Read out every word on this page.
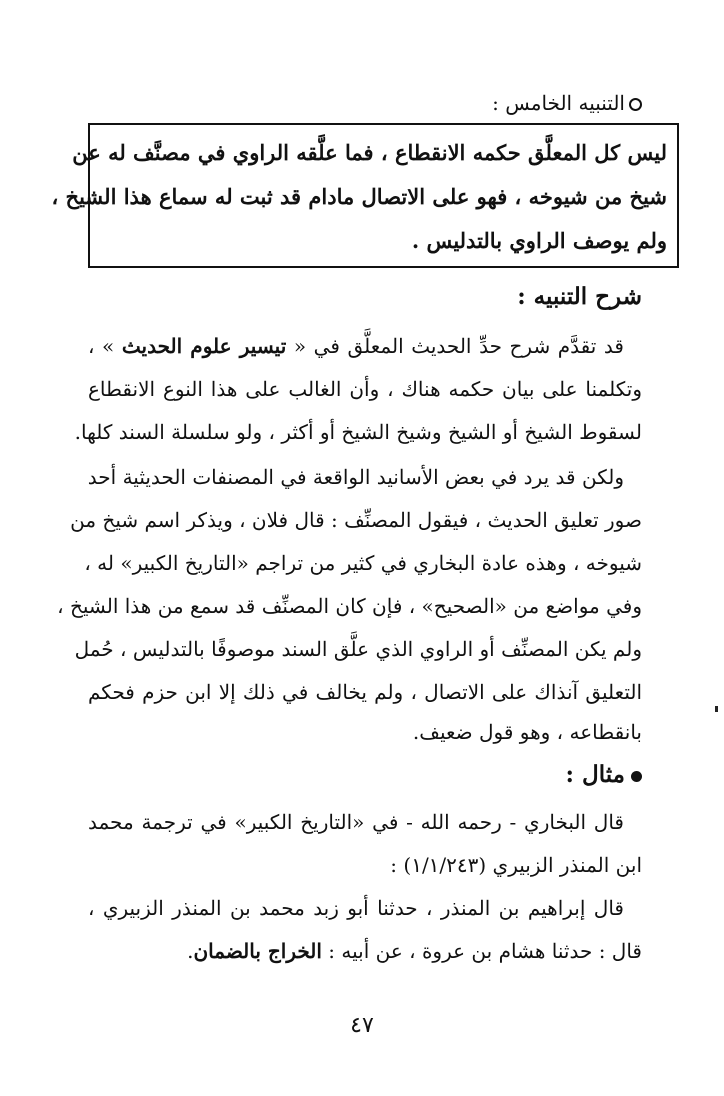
التنبيه الخامس :
ليس كل المعلَّق حكمه الانقطاع ، فما علَّقه الراوي في مصنَّف له عن
شيخ من شيوخه ، فهو على الاتصال مادام قد ثبت له سماع هذا الشيخ ،
ولم يوصف الراوي بالتدليس .
شرح التنبيه :
قد تقدَّم شرح حدِّ الحديث المعلَّق في « تيسير علوم الحديث » ،
وتكلمنا على بيان حكمه هناك ، وأن الغالب على هذا النوع الانقطاع
لسقوط الشيخ أو الشيخ وشيخ الشيخ أو أكثر ، ولو سلسلة السند كلها.
ولكن قد يرد في بعض الأسانيد الواقعة في المصنفات الحديثية أحد
صور تعليق الحديث ، فيقول المصنِّف : قال فلان ، ويذكر اسم شيخ من
شيوخه ، وهذه عادة البخاري في كثير من تراجم «التاريخ الكبير» له ،
وفي مواضع من «الصحيح» ، فإن كان المصنِّف قد سمع من هذا الشيخ ،
ولم يكن المصنِّف أو الراوي الذي علَّق السند موصوفًا بالتدليس ، حُمل
التعليق آنذاك على الاتصال ، ولم يخالف في ذلك إلا ابن حزم فحكم
بانقطاعه ، وهو قول ضعيف.
مثال :
قال البخاري - رحمه الله - في «التاريخ الكبير» في ترجمة محمد
ابن المنذر الزبيري (١/١/٢٤٣) :
قال إبراهيم بن المنذر ، حدثنا أبو زبد محمد بن المنذر الزبيري ،
قال : حدثنا هشام بن عروة ، عن أبيه : الخراج بالضمان.
٤٧
